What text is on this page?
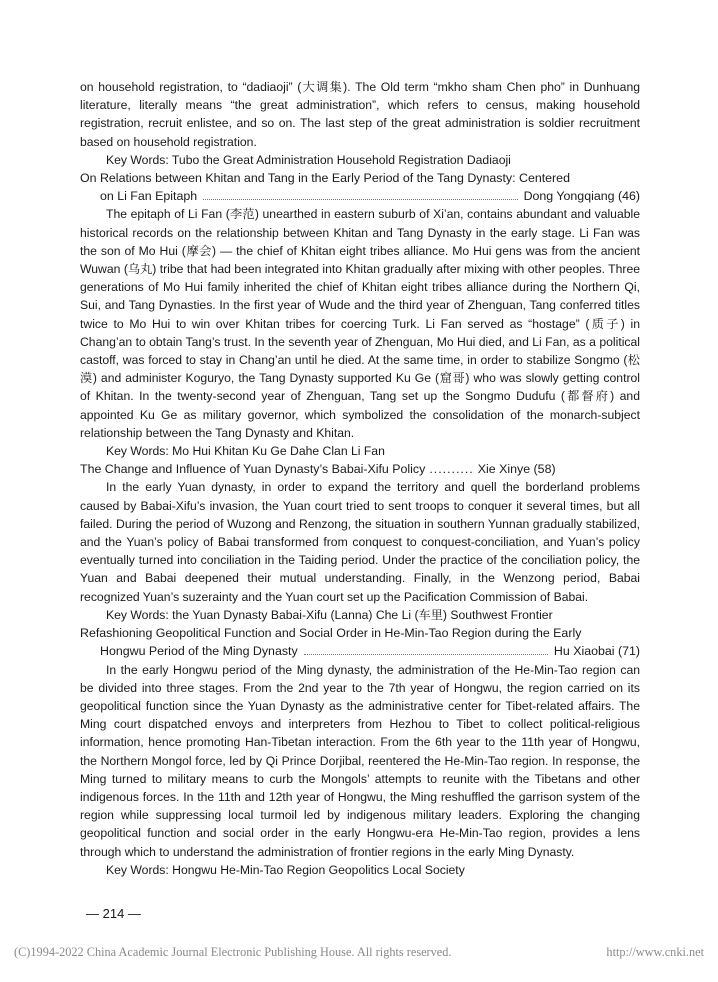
on household registration, to “dadiaoji” (大调集). The Old term “mkho sham Chen pho” in Dunhuang literature, literally means “the great administration”, which refers to census, making household registration, recruit enlistee, and so on. The last step of the great administration is soldier recruitment based on household registration.

Key Words: Tubo the Great Administration Household Registration Dadiaoji

On Relations between Khitan and Tang in the Early Period of the Tang Dynasty: Centered

on Li Fan Epitaph	Dong Yongqiang (46)

The epitaph of Li Fan (李范) unearthed in eastern suburb of Xi’an, contains abundant and valuable historical records on the relationship between Khitan and Tang Dynasty in the early stage. Li Fan was the son of Mo Hui (摩会) — the chief of Khitan eight tribes alliance. Mo Hui gens was from the ancient Wuwan (乌丸) tribe that had been integrated into Khitan gradually after mixing with other peoples. Three generations of Mo Hui family inherited the chief of Khitan eight tribes alliance during the Northern Qi, Sui, and Tang Dynasties. In the first year of Wude and the third year of Zhenguan, Tang conferred titles twice to Mo Hui to win over Khitan tribes for coercing Turk. Li Fan served as “hostage” (质子) in Chang’an to obtain Tang’s trust. In the seventh year of Zhenguan, Mo Hui died, and Li Fan, as a political castoff, was forced to stay in Chang’an until he died. At the same time, in order to stabilize Songmo (松漠) and administer Koguryo, the Tang Dynasty supported Ku Ge (窟哥) who was slowly getting control of Khitan. In the twenty-second year of Zhenguan, Tang set up the Songmo Dudufu (都督府) and appointed Ku Ge as military governor, which symbolized the consolidation of the monarch-subject relationship between the Tang Dynasty and Khitan.

Key Words: Mo Hui Khitan Ku Ge Dahe Clan Li Fan

The Change and Influence of Yuan Dynasty’s Babai-Xifu Policy .......... Xie Xinye (58)

In the early Yuan dynasty, in order to expand the territory and quell the borderland problems caused by Babai-Xifu’s invasion, the Yuan court tried to sent troops to conquer it several times, but all failed. During the period of Wuzong and Renzong, the situation in southern Yunnan gradually stabilized, and the Yuan’s policy of Babai transformed from conquest to conquest-conciliation, and Yuan’s policy eventually turned into conciliation in the Taiding period. Under the practice of the conciliation policy, the Yuan and Babai deepened their mutual understanding. Finally, in the Wenzong period, Babai recognized Yuan’s suzerainty and the Yuan court set up the Pacification Commission of Babai.

Key Words: the Yuan Dynasty Babai-Xifu (Lanna) Che Li (车里) Southwest Frontier

Refashioning Geopolitical Function and Social Order in He-Min-Tao Region during the Early

Hongwu Period of the Ming Dynasty	Hu Xiaobai (71)

In the early Hongwu period of the Ming dynasty, the administration of the He-Min-Tao region can be divided into three stages. From the 2nd year to the 7th year of Hongwu, the region carried on its geopolitical function since the Yuan Dynasty as the administrative center for Tibet-related affairs. The Ming court dispatched envoys and interpreters from Hezhou to Tibet to collect political-religious information, hence promoting Han-Tibetan interaction. From the 6th year to the 11th year of Hongwu, the Northern Mongol force, led by Qi Prince Dorjibal, reentered the He-Min-Tao region. In response, the Ming turned to military means to curb the Mongols’ attempts to reunite with the Tibetans and other indigenous forces. In the 11th and 12th year of Hongwu, the Ming reshuffled the garrison system of the region while suppressing local turmoil led by indigenous military leaders. Exploring the changing geopolitical function and social order in the early Hongwu-era He-Min-Tao region, provides a lens through which to understand the administration of frontier regions in the early Ming Dynasty.

Key Words: Hongwu He-Min-Tao Region Geopolitics Local Society

— 214 —
(C)1994-2022 China Academic Journal Electronic Publishing House. All rights reserved.	http://www.cnki.net
